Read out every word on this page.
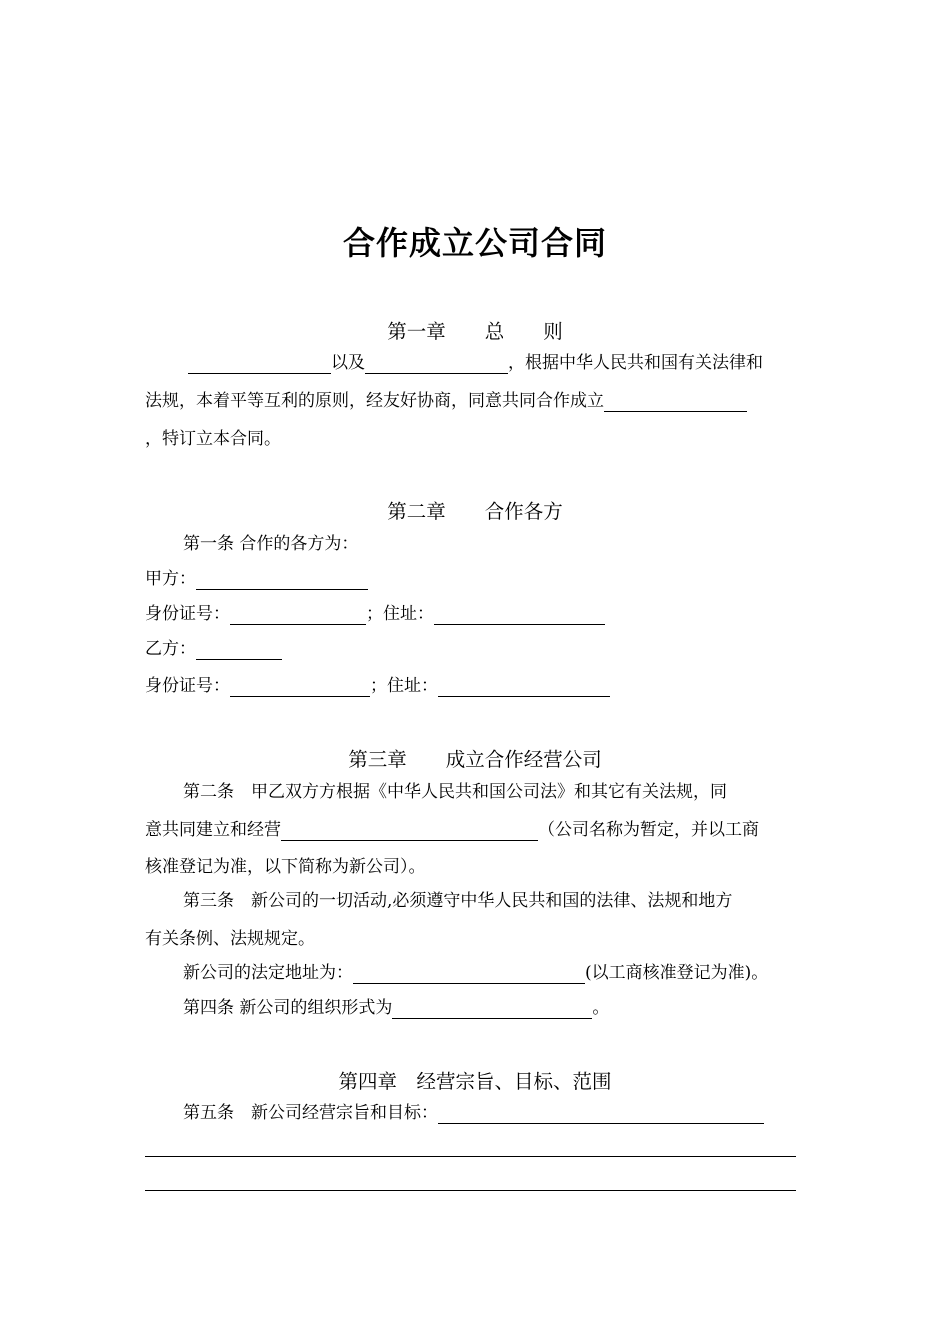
合作成立公司合同
第一章　　总　　则
以及	，根据中华人民共和国有关法律和
法规，本着平等互利的原则，经友好协商，同意共同合作成立
，特订立本合同。
第二章　　合作各方
第一条 合作的各方为：
甲方：
身份证号：	；住址：
乙方：
身份证号：	；住址：
第三章　　成立合作经营公司
第二条　甲乙双方方根据《中华人民共和国公司法》和其它有关法规，同
意共同建立和经营	（公司名称为暂定，并以工商
核准登记为准，以下简称为新公司）。
第三条　新公司的一切活动,必须遵守中华人民共和国的法律、法规和地方
有关条例、法规规定。
新公司的法定地址为：	(以工商核准登记为准)。
第四条 新公司的组织形式为	。
第四章　经营宗旨、目标、范围
第五条　新公司经营宗旨和目标：
